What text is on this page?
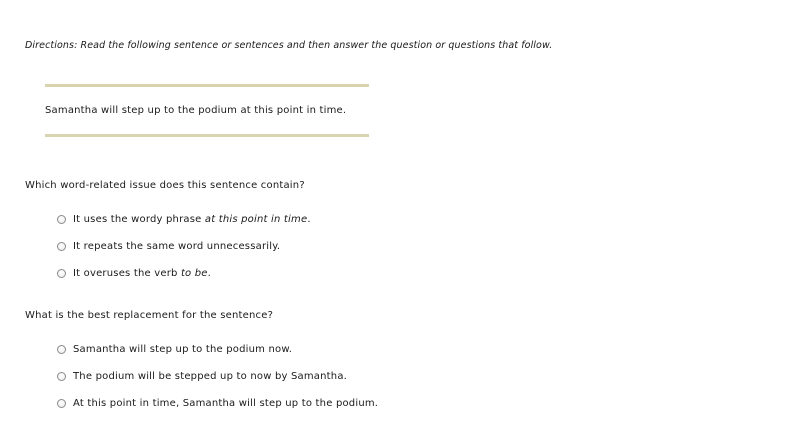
Directions: Read the following sentence or sentences and then answer the question or questions that follow.
Samantha will step up to the podium at this point in time.
Which word-related issue does this sentence contain?
It uses the wordy phrase at this point in time.
It repeats the same word unnecessarily.
It overuses the verb to be.
What is the best replacement for the sentence?
Samantha will step up to the podium now.
The podium will be stepped up to now by Samantha.
At this point in time, Samantha will step up to the podium.
